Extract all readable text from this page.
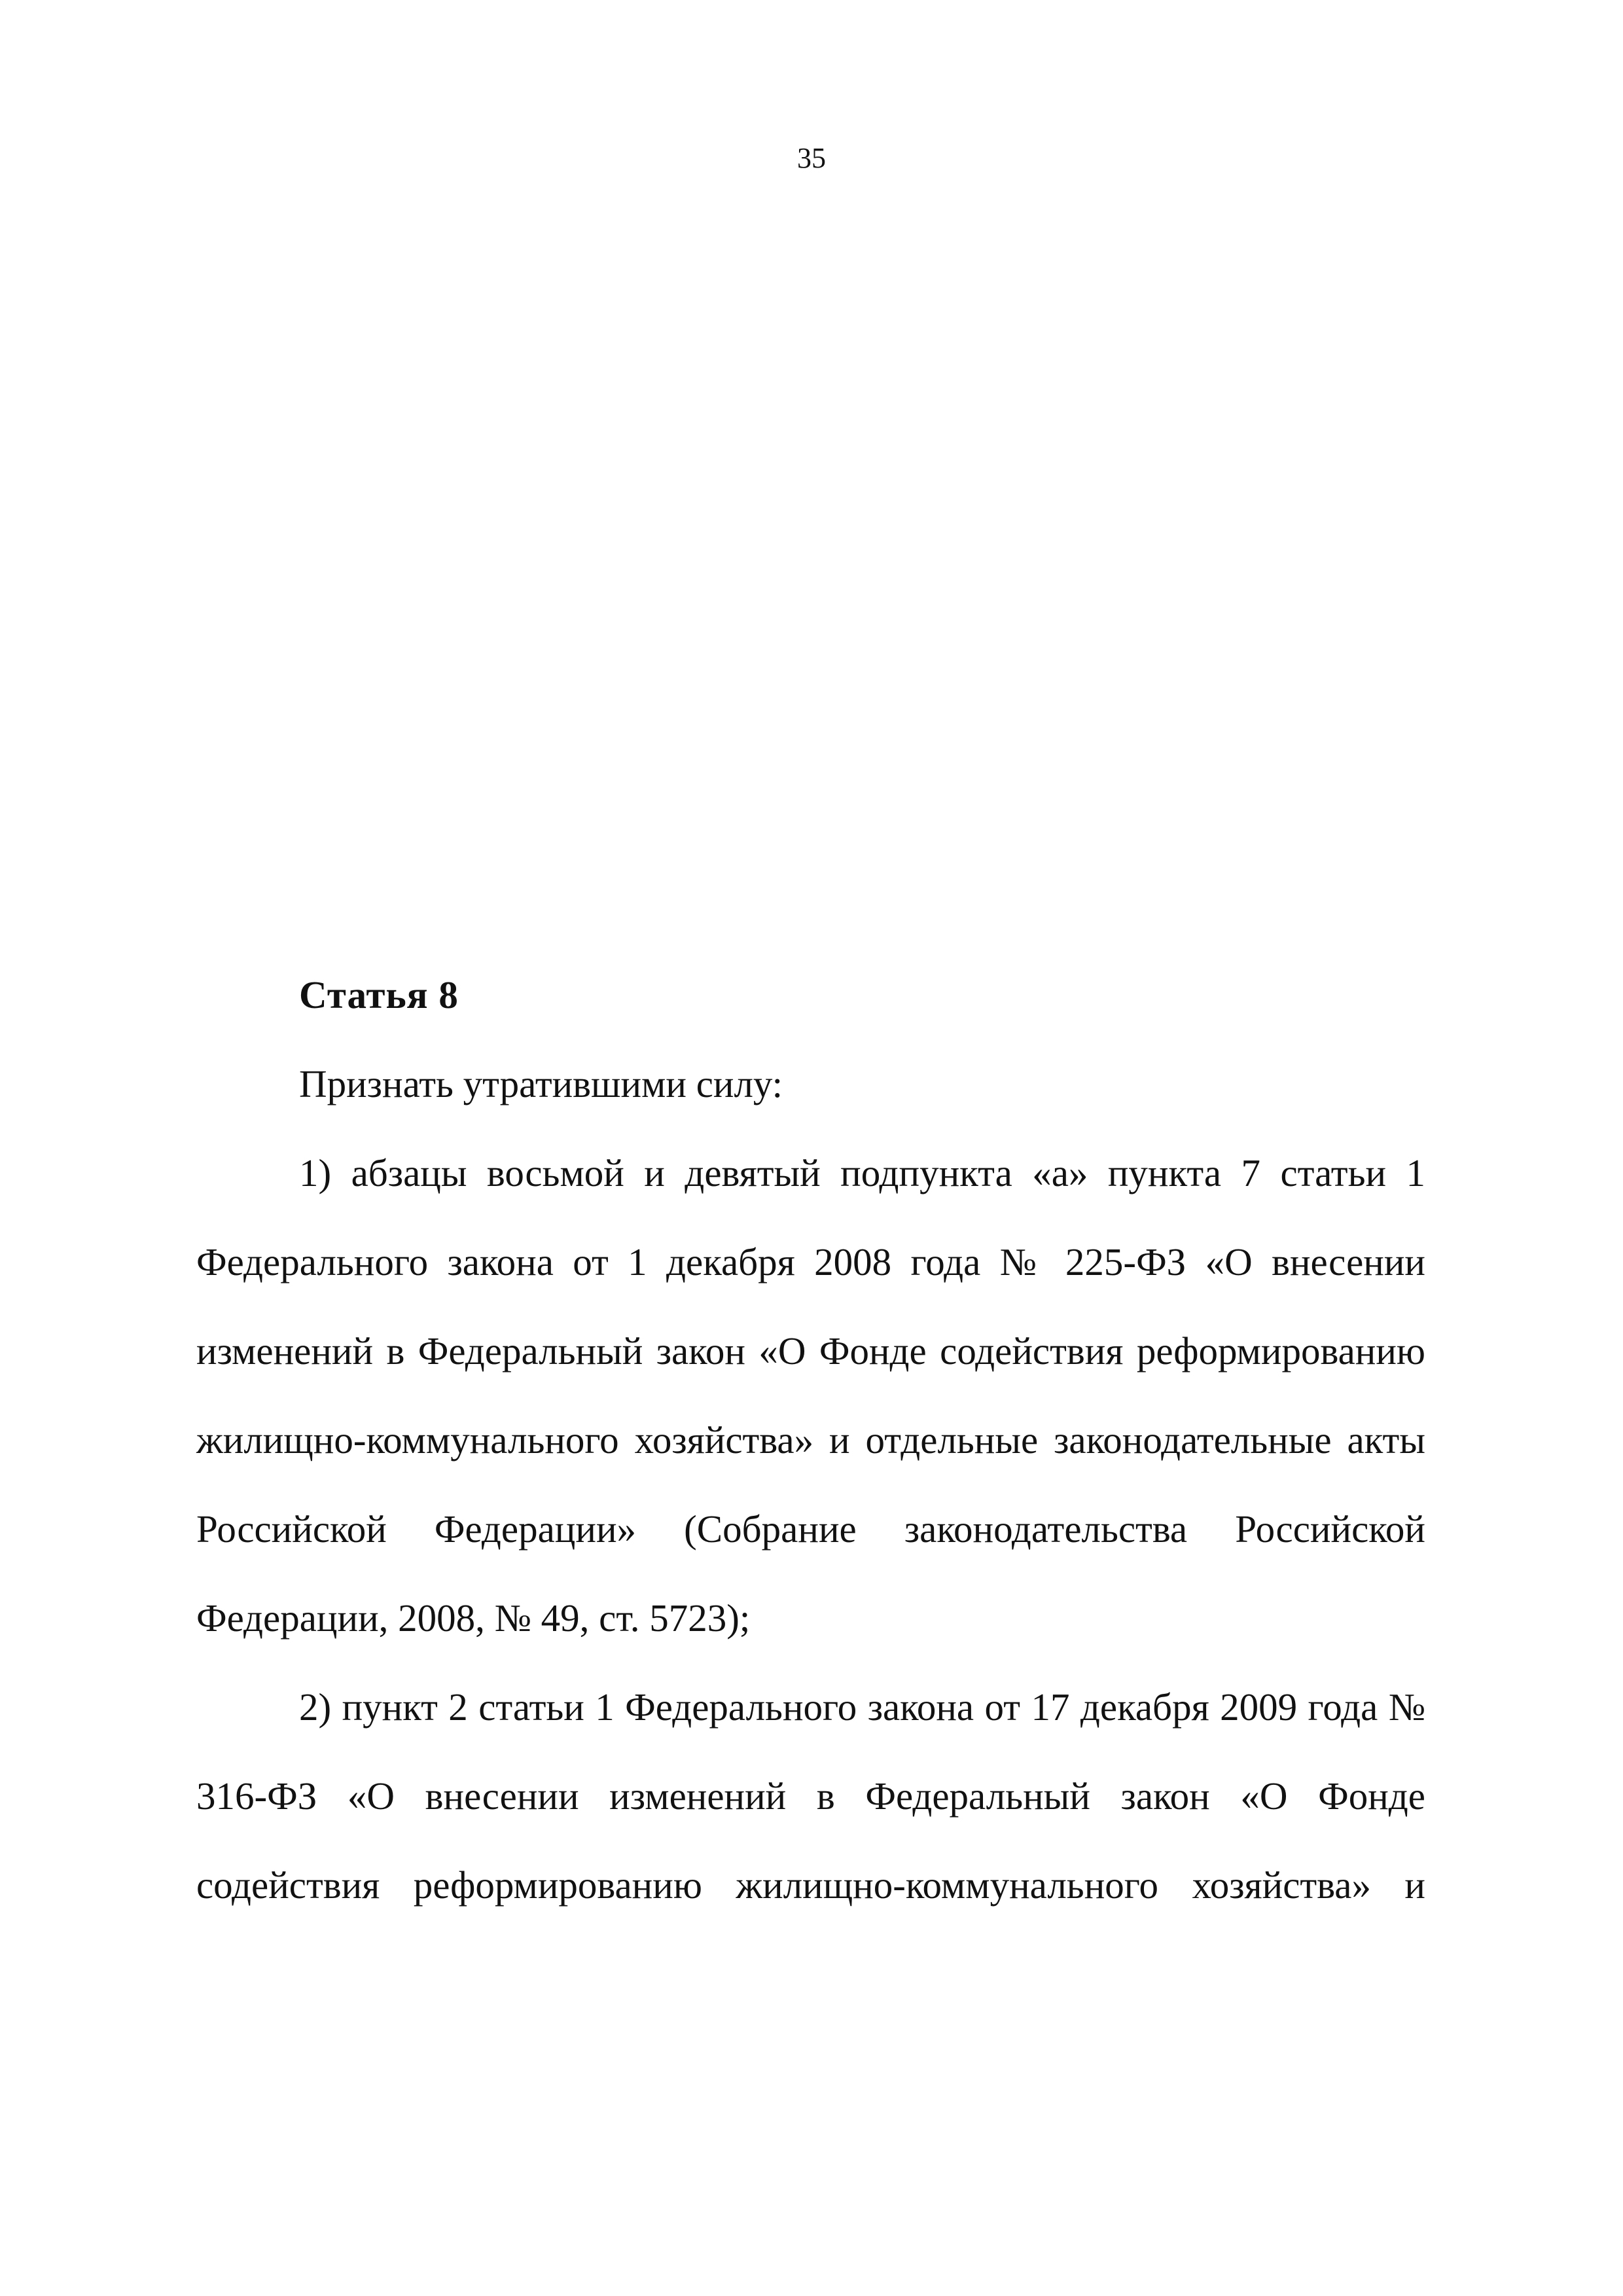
35

Статья 8

Признать утратившими силу:

1) абзацы восьмой и девятый подпункта «а» пункта 7 статьи 1 Федерального закона от 1 декабря 2008 года № 225-ФЗ «О внесении изменений в Федеральный закон «О Фонде содействия реформированию жилищно-коммунального хозяйства» и отдельные законодательные акты Российской Федерации» (Собрание законодательства Российской Федерации, 2008, № 49, ст. 5723);

2) пункт 2 статьи 1 Федерального закона от 17 декабря 2009 года № 316-ФЗ «О внесении изменений в Федеральный закон «О Фонде содействия реформированию жилищно-коммунального хозяйства» и
